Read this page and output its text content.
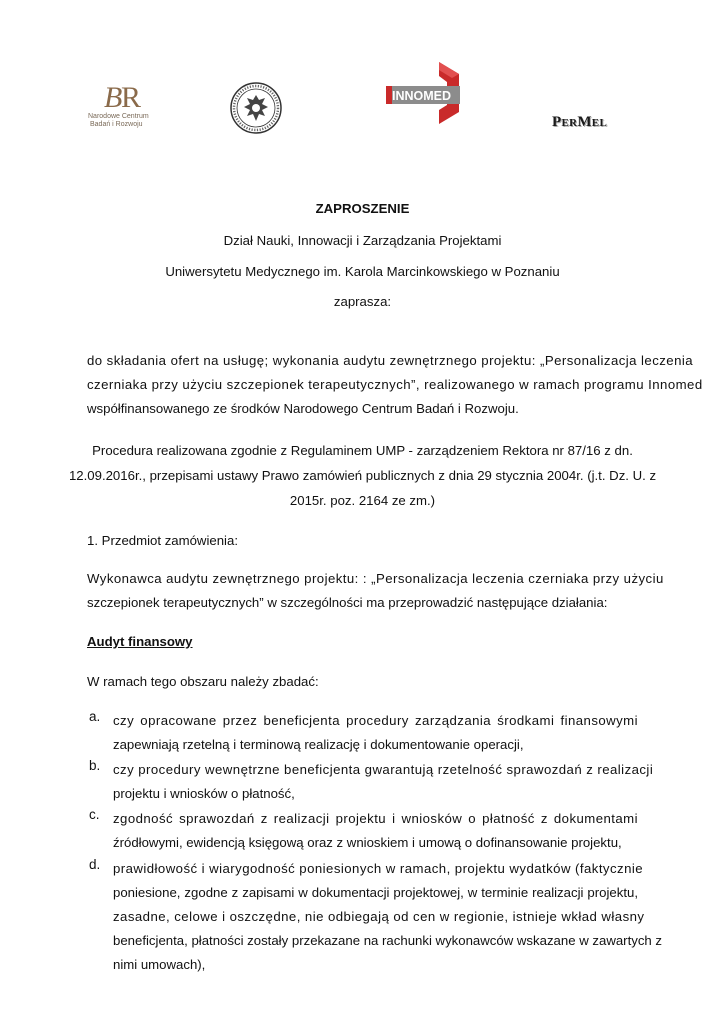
B
R
Narodowe Centrum
Badań i Rozwoju
INNOMED
PerMel
ZAPROSZENIE
Dział Nauki, Innowacji i Zarządzania Projektami
Uniwersytetu Medycznego im. Karola Marcinkowskiego w Poznaniu
zaprasza:
do składania ofert na usługę; wykonania audytu zewnętrznego projektu: „Personalizacja leczenia
czerniaka przy użyciu szczepionek terapeutycznych”, realizowanego w ramach programu Innomed
współfinansowanego ze środków Narodowego Centrum Badań i Rozwoju.
Procedura realizowana zgodnie z Regulaminem UMP - zarządzeniem Rektora nr 87/16 z dn.
12.09.2016r., przepisami ustawy Prawo zamówień publicznych z dnia 29 stycznia 2004r. (j.t. Dz. U. z
2015r. poz. 2164 ze zm.)
1. Przedmiot zamówienia:
Wykonawca audytu zewnętrznego projektu: : „Personalizacja leczenia czerniaka przy użyciu
szczepionek terapeutycznych” w szczególności ma przeprowadzić następujące działania:
Audyt finansowy
W ramach tego obszaru należy zbadać:
a. czy opracowane przez beneficjenta procedury zarządzania środkami finansowymi
zapewniają rzetelną i terminową realizację i dokumentowanie operacji,
b. czy procedury wewnętrzne beneficjenta gwarantują rzetelność sprawozdań z realizacji
projektu i wniosków o płatność,
c. zgodność sprawozdań z realizacji projektu i wniosków o płatność z dokumentami
źródłowymi, ewidencją księgową oraz z wnioskiem i umową o dofinansowanie projektu,
d. prawidłowość i wiarygodność poniesionych w ramach, projektu wydatków (faktycznie
poniesione, zgodne z zapisami w dokumentacji projektowej, w terminie realizacji projektu,
zasadne, celowe i oszczędne, nie odbiegają od cen w regionie, istnieje wkład własny
beneficjenta, płatności zostały przekazane na rachunki wykonawców wskazane w zawartych z
nimi umowach),
